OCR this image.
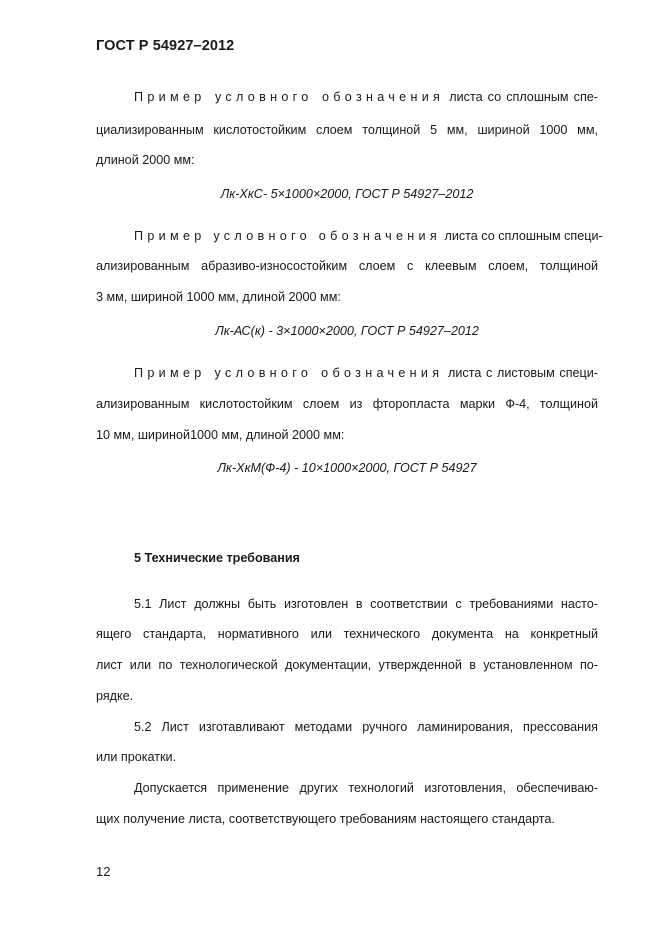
ГОСТ Р 54927–2012
Пример условного обозначения листа со сплошным спе-
циализированным кислотостойким слоем толщиной 5 мм, шириной 1000 мм,
длиной 2000 мм:
Лк-ХкС- 5×1000×2000, ГОСТ Р 54927–2012
Пример условного обозначения листа со сплошным специ-
ализированным абразиво-износостойким слоем с клеевым слоем, толщиной
3 мм, шириной 1000 мм, длиной 2000 мм:
Лк-АС(к) - 3×1000×2000, ГОСТ Р 54927–2012
Пример условного обозначения листа с листовым специ-
ализированным кислотостойким слоем из фторопласта марки Ф-4, толщиной
10 мм, шириной1000 мм, длиной 2000 мм:
Лк-ХкМ(Ф-4) - 10×1000×2000, ГОСТ Р 54927
5 Технические требования
5.1 Лист должны быть изготовлен в соответствии с требованиями насто-
ящего стандарта, нормативного или технического документа на конкретный
лист или по технологической документации, утвержденной в установленном по-
рядке.
5.2 Лист изготавливают методами ручного ламинирования, прессования
или прокатки.
Допускается применение других технологий изготовления, обеспечиваю-
щих получение листа, соответствующего требованиям настоящего стандарта.
12
